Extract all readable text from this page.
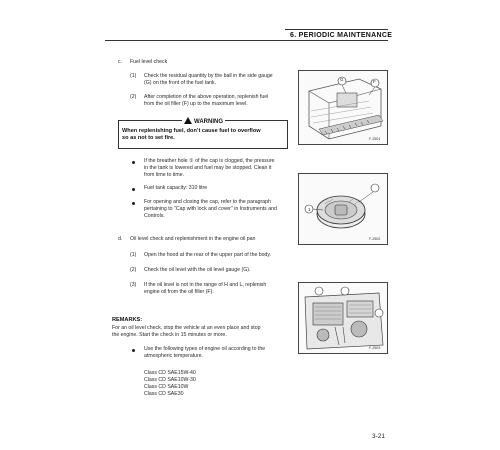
6. PERIODIC MAINTENANCE
c. Fuel level check
(1) Check the residual quantity by the ball in the side gauge
(G) on the front of the fuel tank.
(2) After completion of the above operation, replenish fuel
from the oil filler (F) up to the maximum level.
WARNING
When replenishing fuel, don’t cause fuel to overflow
so as not to set fire.
G	F
F-2501
If the breather hole ① of the cap is clogged, the pressure
in the tank is lowered and fuel may be stopped. Clean it
from time to time.
Fuel tank capacity: 310 litre
For opening and closing the cap, refer to the paragraph
pertaining to "Cap with lock and cover" in Instruments and
Controls.
1
F-2502
d. Oil level check and replenishment in the engine oil pan
(1) Open the hood at the rear of the upper part of the body.
(2) Check the oil level with the oil level gauge (G).
(3) If the oil level is not in the range of H and L, replenish
engine oil from the oil filler (F).
F-2503
REMARKS:
For an oil level check, stop the vehicle at an even place and stop
the engine. Start the check in 15 minutes or more.
Use the following types of engine oil according to the
atmospheric temperature.
Class CD SAE15W-40
Class CD SAE10W-30
Class CD SAE10W
Class CD SAE30
3-21
